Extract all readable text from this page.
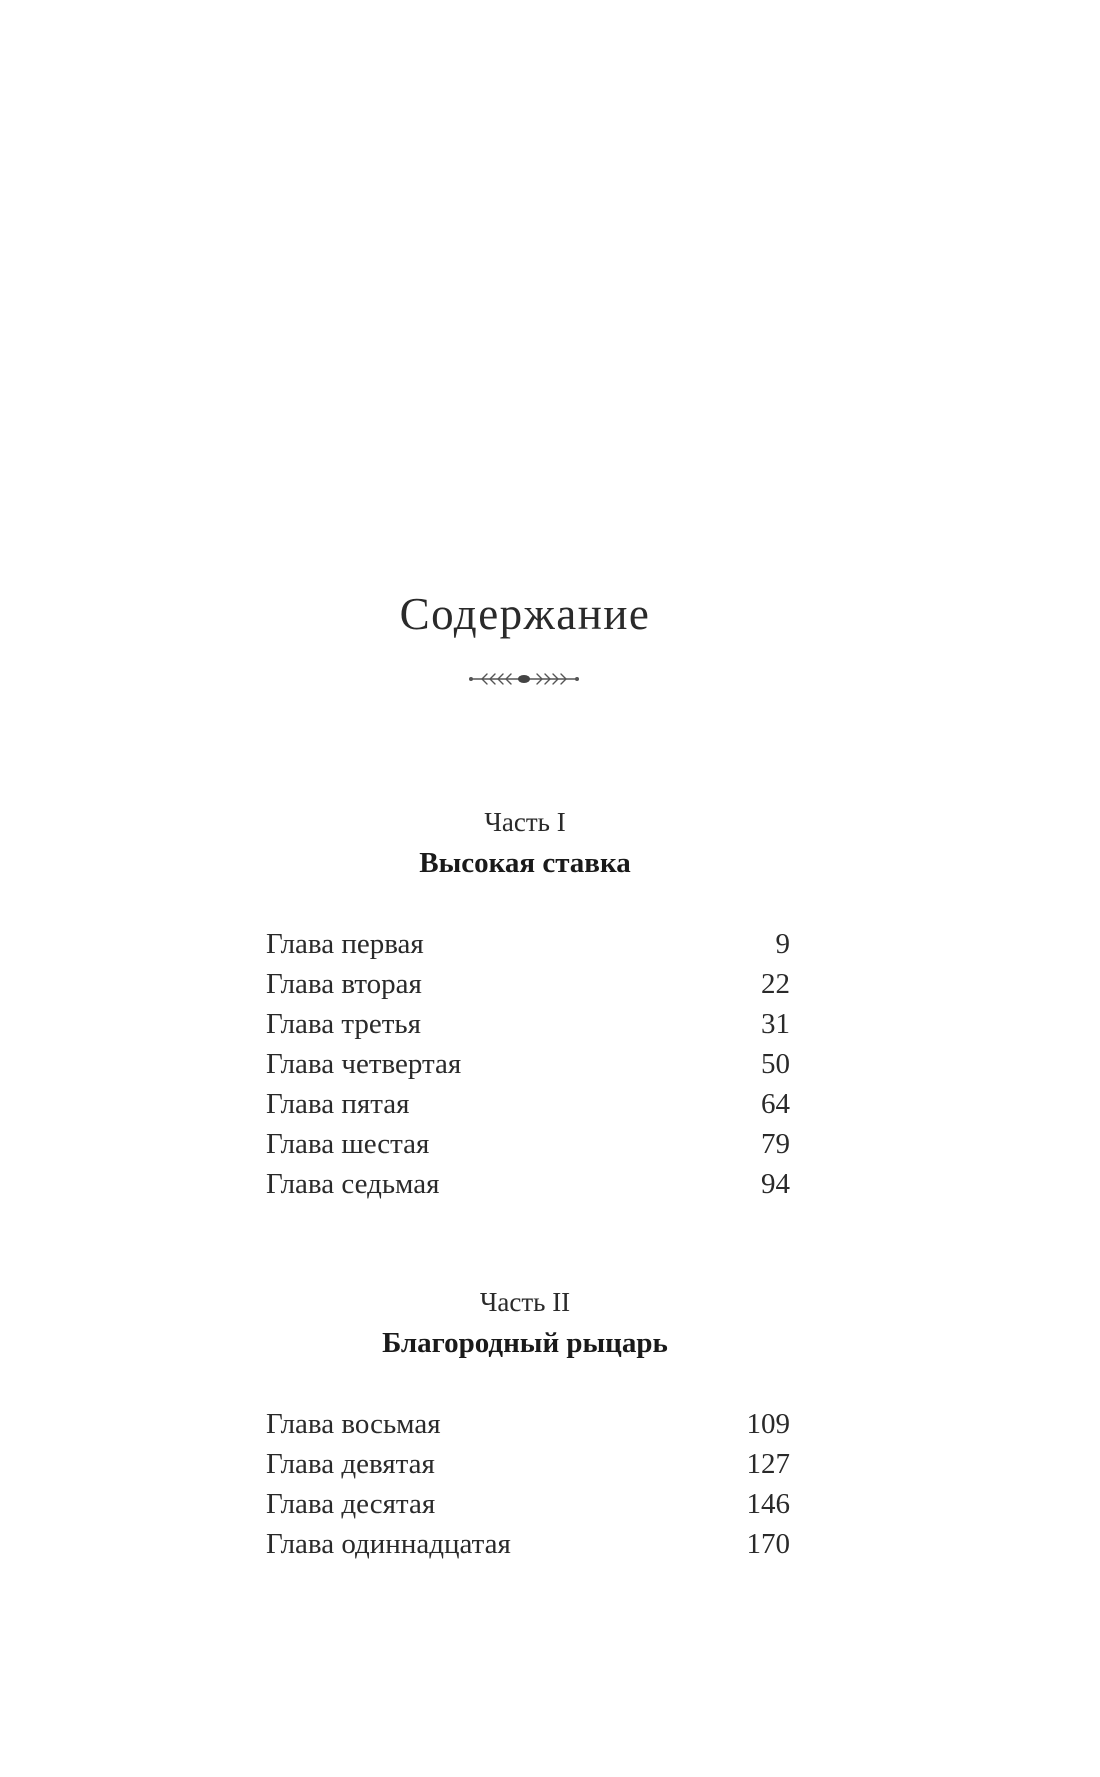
Содержание

Часть I

Высокая ставка

Глава первая	9
Глава вторая	22
Глава третья	31
Глава четвертая	50
Глава пятая	64
Глава шестая	79
Глава седьмая	94

Часть II

Благородный рыцарь

Глава восьмая	109
Глава девятая	127
Глава десятая	146
Глава одиннадцатая	170
